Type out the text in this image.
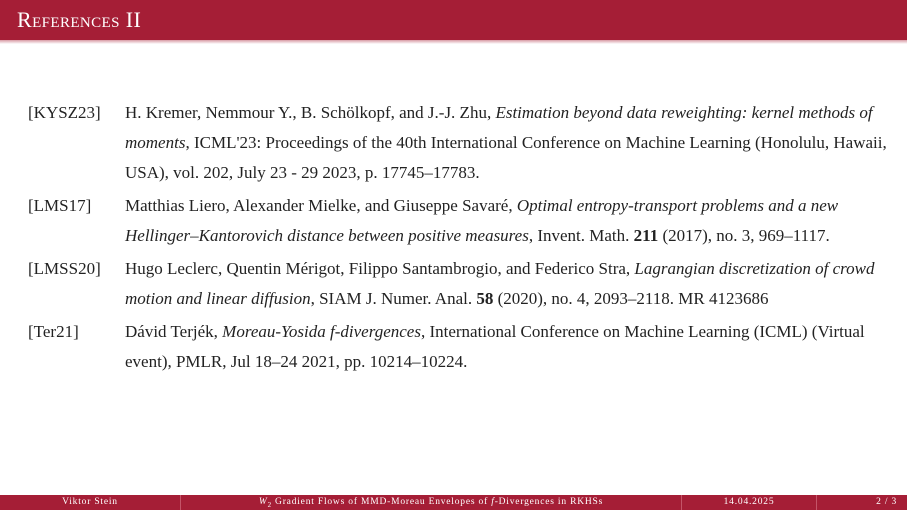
References II
[KYSZ23]	H. Kremer, Nemmour Y., B. Schölkopf, and J.-J. Zhu, Estimation beyond data reweighting: kernel methods of moments, ICML'23: Proceedings of the 40th International Conference on Machine Learning (Honolulu, Hawaii, USA), vol. 202, July 23 - 29 2023, p. 17745–17783.
[LMS17]	Matthias Liero, Alexander Mielke, and Giuseppe Savaré, Optimal entropy-transport problems and a new Hellinger–Kantorovich distance between positive measures, Invent. Math. 211 (2017), no. 3, 969–1117.
[LMSS20]	Hugo Leclerc, Quentin Mérigot, Filippo Santambrogio, and Federico Stra, Lagrangian discretization of crowd motion and linear diffusion, SIAM J. Numer. Anal. 58 (2020), no. 4, 2093–2118. MR 4123686
[Ter21]	Dávid Terjék, Moreau-Yosida f-divergences, International Conference on Machine Learning (ICML) (Virtual event), PMLR, Jul 18–24 2021, pp. 10214–10224.
Viktor Stein	$W_2$ Gradient Flows of MMD-Moreau Envelopes of f-Divergences in RKHSs	14.04.2025	2 / 3
